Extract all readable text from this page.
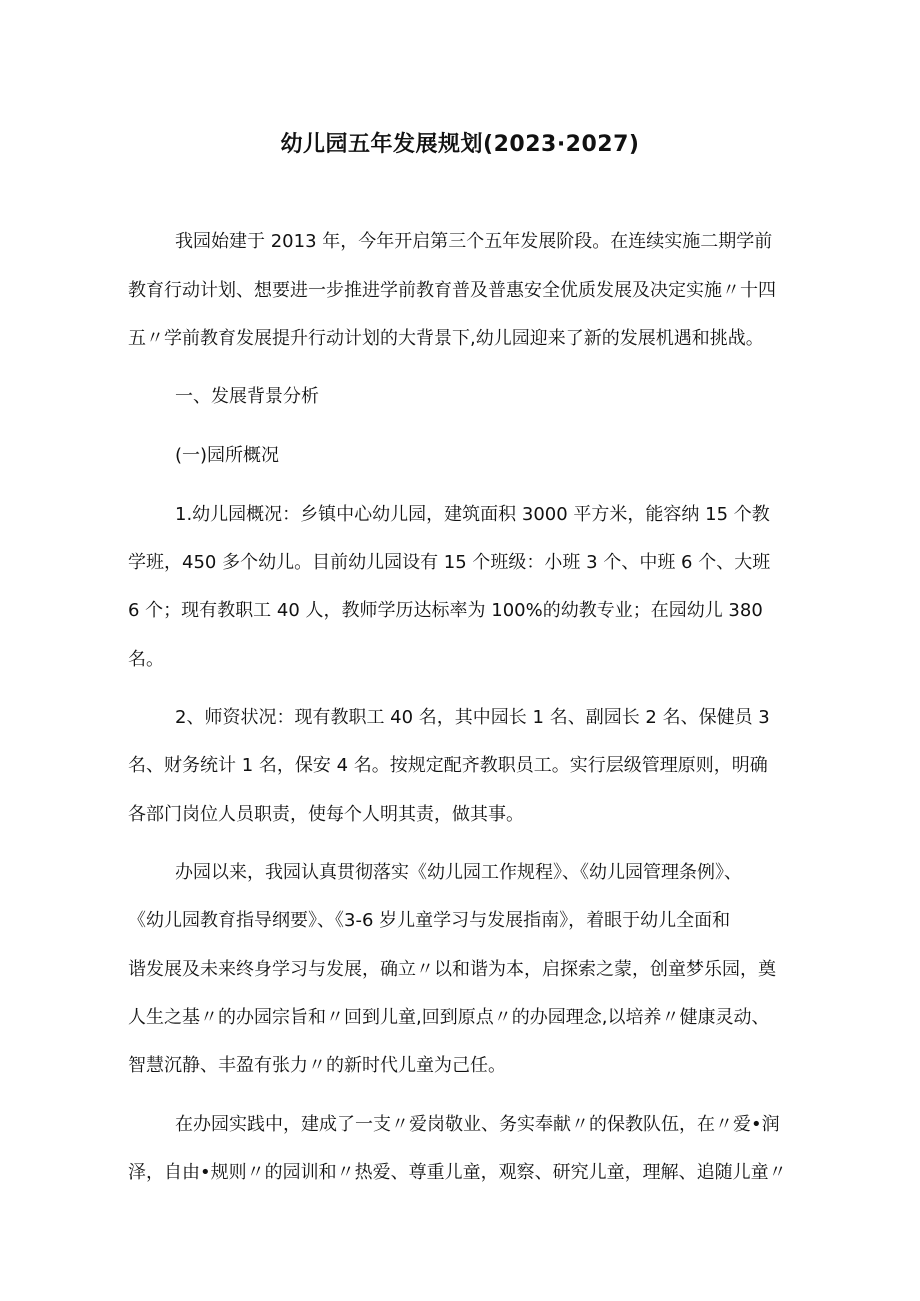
幼儿园五年发展规划(2023·2027)
我园始建于 2013 年，今年开启第三个五年发展阶段。在连续实施二期学前
教育行动计划、想要进一步推进学前教育普及普惠安全优质发展及决定实施〃十四
五〃学前教育发展提升行动计划的大背景下,幼儿园迎来了新的发展机遇和挑战。
一、发展背景分析
(一)园所概况
1.幼儿园概况：乡镇中心幼儿园，建筑面积 3000 平方米，能容纳 15 个教
学班，450 多个幼儿。目前幼儿园设有 15 个班级：小班 3 个、中班 6 个、大班
6 个；现有教职工 40 人，教师学历达标率为 100%的幼教专业；在园幼儿 380
名。
2、师资状况：现有教职工 40 名，其中园长 1 名、副园长 2 名、保健员 3
名、财务统计 1 名，保安 4 名。按规定配齐教职员工。实行层级管理原则，明确
各部门岗位人员职责，使每个人明其责，做其事。
办园以来，我园认真贯彻落实《幼儿园工作规程》、《幼儿园管理条例》、
《幼儿园教育指导纲要》、《3-6 岁儿童学习与发展指南》，着眼于幼儿全面和
谐发展及未来终身学习与发展，确立〃以和谐为本，启探索之蒙，创童梦乐园，奠
人生之基〃的办园宗旨和〃回到儿童,回到原点〃的办园理念,以培养〃健康灵动、
智慧沉静、丰盈有张力〃的新时代儿童为己任。
在办园实践中，建成了一支〃爱岗敬业、务实奉献〃的保教队伍，在〃爱•润
泽，自由•规则〃的园训和〃热爱、尊重儿童，观察、研究儿童，理解、追随儿童〃
